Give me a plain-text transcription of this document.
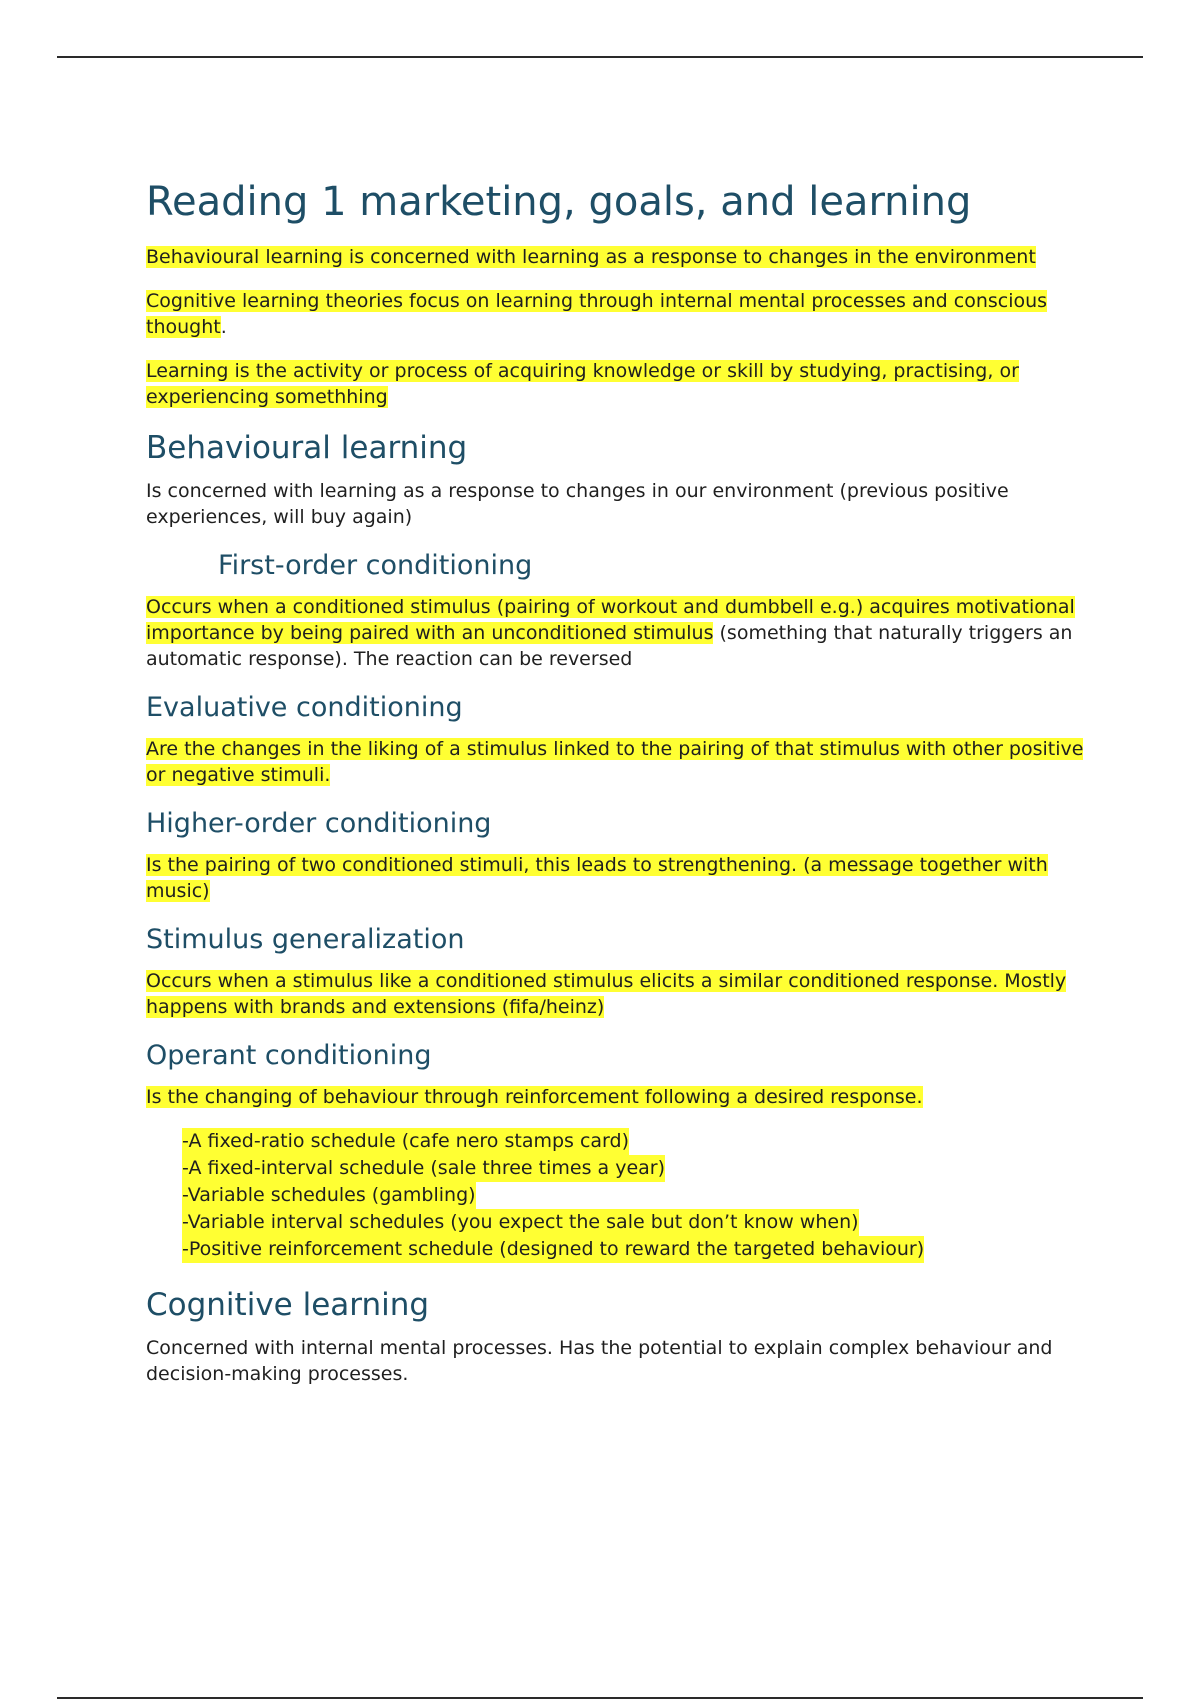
Reading 1 marketing, goals, and learning

Behavioural learning is concerned with learning as a response to changes in the environment

Cognitive learning theories focus on learning through internal mental processes and conscious thought.

Learning is the activity or process of acquiring knowledge or skill by studying, practising, or experiencing somethhing

Behavioural learning

Is concerned with learning as a response to changes in our environment (previous positive experiences, will buy again)

First-order conditioning

Occurs when a conditioned stimulus (pairing of workout and dumbbell e.g.) acquires motivational importance by being paired with an unconditioned stimulus (something that naturally triggers an automatic response). The reaction can be reversed

Evaluative conditioning

Are the changes in the liking of a stimulus linked to the pairing of that stimulus with other positive or negative stimuli.

Higher-order conditioning

Is the pairing of two conditioned stimuli, this leads to strengthening. (a message together with music)

Stimulus generalization

Occurs when a stimulus like a conditioned stimulus elicits a similar conditioned response. Mostly happens with brands and extensions (fifa/heinz)

Operant conditioning

Is the changing of behaviour through reinforcement following a desired response.

-A fixed-ratio schedule (cafe nero stamps card)
-A fixed-interval schedule (sale three times a year)
-Variable schedules (gambling)
-Variable interval schedules (you expect the sale but don’t know when)
-Positive reinforcement schedule (designed to reward the targeted behaviour)
Cognitive learning

Concerned with internal mental processes. Has the potential to explain complex behaviour and decision-making processes.
